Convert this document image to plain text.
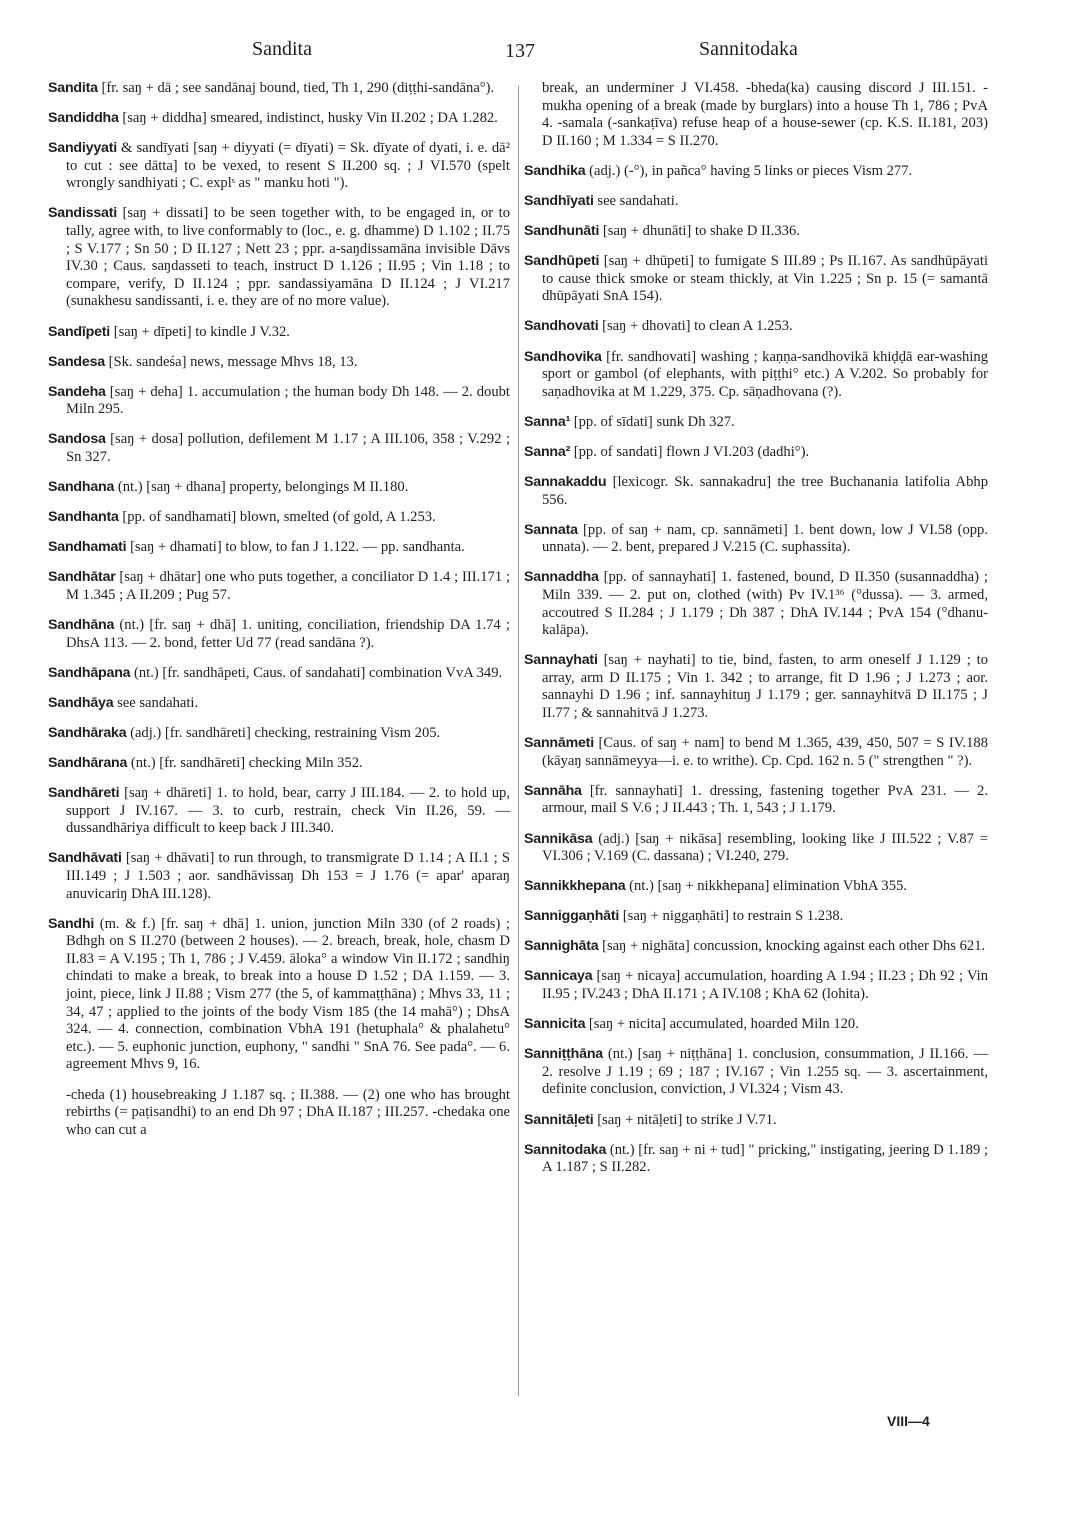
Sandita	137	Sannitodaka

Sandita [fr. saŋ + dā ; see sandānaj bound, tied, Th 1, 290 (diṭṭhi-sandāna°).

Sandiddha [saŋ + diddha] smeared, indistinct, husky Vin II.202 ; DA 1.282.

Sandiyyati & sandīyati [saŋ + diyyati (= dīyati) = Sk. dīyate of dyati, i. e. dā² to cut : see dātta] to be vexed, to resent S II.200 sq. ; J VI.570 (spelt wrongly sandhiyati ; C. explˢ as " manku hoti ").

Sandissati [saŋ + dissati] to be seen together with, to be engaged in, or to tally, agree with, to live conformably to (loc., e. g. dhamme) D 1.102 ; II.75 ; S V.177 ; Sn 50 ; D II.127 ; Nett 23 ; ppr. a-saŋdissamāna invisible Dāvs IV.30 ; Caus. saŋdasseti to teach, instruct D 1.126 ; II.95 ; Vin 1.18 ; to compare, verify, D II.124 ; ppr. sandassiyamāna D II.124 ; J VI.217 (sunakhesu sandissanti, i. e. they are of no more value).

Sandīpeti [saŋ + dīpeti] to kindle J V.32.

Sandesa [Sk. sandeśa] news, message Mhvs 18, 13.

Sandeha [saŋ + deha] 1. accumulation ; the human body Dh 148. — 2. doubt Miln 295.

Sandosa [saŋ + dosa] pollution, defilement M 1.17 ; A III.106, 358 ; V.292 ; Sn 327.

Sandhana (nt.) [saŋ + dhana] property, belongings M II.180.

Sandhanta [pp. of sandhamati] blown, smelted (of gold, A 1.253.

Sandhamati [saŋ + dhamati] to blow, to fan J 1.122. — pp. sandhanta.

Sandhātar [saŋ + dhātar] one who puts together, a conciliator D 1.4 ; III.171 ; M 1.345 ; A II.209 ; Pug 57.

Sandhāna (nt.) [fr. saŋ + dhā] 1. uniting, conciliation, friendship DA 1.74 ; DhsA 113. — 2. bond, fetter Ud 77 (read sandāna ?).

Sandhāpana (nt.) [fr. sandhāpeti, Caus. of sandahati] combination VvA 349.

Sandhāya see sandahati.

Sandhāraka (adj.) [fr. sandhāreti] checking, restraining Vism 205.

Sandhārana (nt.) [fr. sandhāreti] checking Miln 352.

Sandhāreti [saŋ + dhāreti] 1. to hold, bear, carry J III.184. — 2. to hold up, support J IV.167. — 3. to curb, restrain, check Vin II.26, 59. —dussandhāriya difficult to keep back J III.340.

Sandhāvati [saŋ + dhāvati] to run through, to transmigrate D 1.14 ; A II.1 ; S III.149 ; J 1.503 ; aor. sandhāvissaŋ Dh 153 = J 1.76 (= apar' aparaŋ anuvicariŋ DhA III.128).

Sandhi (m. & f.) [fr. saŋ + dhā] 1. union, junction Miln 330 (of 2 roads) ; Bdhgh on S II.270 (between 2 houses). — 2. breach, break, hole, chasm D II.83 = A V.195 ; Th 1, 786 ; J V.459. āloka° a window Vin II.172 ; sandhiŋ chindati to make a break, to break into a house D 1.52 ; DA 1.159. — 3. joint, piece, link J II.88 ; Vism 277 (the 5, of kammaṭṭhāna) ; Mhvs 33, 11 ; 34, 47 ; applied to the joints of the body Vism 185 (the 14 mahā°) ; DhsA 324. — 4. connection, combination VbhA 191 (hetuphala° & phalahetu° etc.). — 5. euphonic junction, euphony, " sandhi " SnA 76. See pada°. — 6. agreement Mhvs 9, 16.

-cheda (1) housebreaking J 1.187 sq. ; II.388. — (2) one who has brought rebirths (= paṭisandhi) to an end Dh 97 ; DhA II.187 ; III.257. -chedaka one who can cut a

break, an underminer J VI.458. -bheda(ka) causing discord J III.151. -mukha opening of a break (made by burglars) into a house Th 1, 786 ; PvA 4. -samala (-sankaṭīva) refuse heap of a house-sewer (cp. K.S. II.181, 203) D II.160 ; M 1.334 = S II.270.

Sandhika (adj.) (-°), in pañca° having 5 links or pieces Vism 277.

Sandhīyati see sandahati.

Sandhunāti [saŋ + dhunāti] to shake D II.336.

Sandhūpeti [saŋ + dhūpeti] to fumigate S III.89 ; Ps II.167. As sandhūpāyati to cause thick smoke or steam thickly, at Vin 1.225 ; Sn p. 15 (= samantā dhūpāyati SnA 154).

Sandhovati [saŋ + dhovati] to clean A 1.253.

Sandhovika [fr. sandhovati] washing ; kaṇṇa-sandhovikā khiḍḍā ear-washing sport or gambol (of elephants, with piṭṭhi° etc.) A V.202. So probably for saṇadhovika at M 1.229, 375. Cp. sāṇadhovana (?).

Sanna¹ [pp. of sīdati] sunk Dh 327.

Sanna² [pp. of sandati] flown J VI.203 (dadhi°).

Sannakaddu [lexicogr. Sk. sannakadru] the tree Buchanania latifolia Abhp 556.

Sannata [pp. of saŋ + nam, cp. sannāmeti] 1. bent down, low J VI.58 (opp. unnata). — 2. bent, prepared J V.215 (C. suphassita).

Sannaddha [pp. of sannayhati] 1. fastened, bound, D II.350 (susannaddha) ; Miln 339. — 2. put on, clothed (with) Pv IV.1³⁶ (°dussa). — 3. armed, accoutred S II.284 ; J 1.179 ; Dh 387 ; DhA IV.144 ; PvA 154 (°dhanu-kalāpa).

Sannayhati [saŋ + nayhati] to tie, bind, fasten, to arm oneself J 1.129 ; to array, arm D II.175 ; Vin 1. 342 ; to arrange, fit D 1.96 ; J 1.273 ; aor. sannayhi D 1.96 ; inf. sannayhituŋ J 1.179 ; ger. sannayhitvā D II.175 ; J II.77 ; & sannahitvā J 1.273.

Sannāmeti [Caus. of saŋ + nam] to bend M 1.365, 439, 450, 507 = S IV.188 (kāyaŋ sannāmeyya—i. e. to writhe). Cp. Cpd. 162 n. 5 (" strengthen " ?).

Sannāha [fr. sannayhati] 1. dressing, fastening together PvA 231. — 2. armour, mail S V.6 ; J II.443 ; Th. 1, 543 ; J 1.179.

Sannikāsa (adj.) [saŋ + nikāsa] resembling, looking like J III.522 ; V.87 = VI.306 ; V.169 (C. dassana) ; VI.240, 279.

Sannikkhepana (nt.) [saŋ + nikkhepana] elimination VbhA 355.

Sanniggaṇhāti [saŋ + niggaṇhāti] to restrain S 1.238.

Sannighāta [saŋ + nighāta] concussion, knocking against each other Dhs 621.

Sannicaya [saŋ + nicaya] accumulation, hoarding A 1.94 ; II.23 ; Dh 92 ; Vin II.95 ; IV.243 ; DhA II.171 ; A IV.108 ; KhA 62 (lohita).

Sannicita [saŋ + nicita] accumulated, hoarded Miln 120.

Sanniṭṭhāna (nt.) [saŋ + niṭṭhāna] 1. conclusion, consummation, J II.166. — 2. resolve J 1.19 ; 69 ; 187 ; IV.167 ; Vin 1.255 sq. — 3. ascertainment, definite conclusion, conviction, J VI.324 ; Vism 43.

Sannitāḷeti [saŋ + nitāḷeti] to strike J V.71.

Sannitodaka (nt.) [fr. saŋ + ni + tud] " pricking," instigating, jeering D 1.189 ; A 1.187 ; S II.282.

VIII—4
